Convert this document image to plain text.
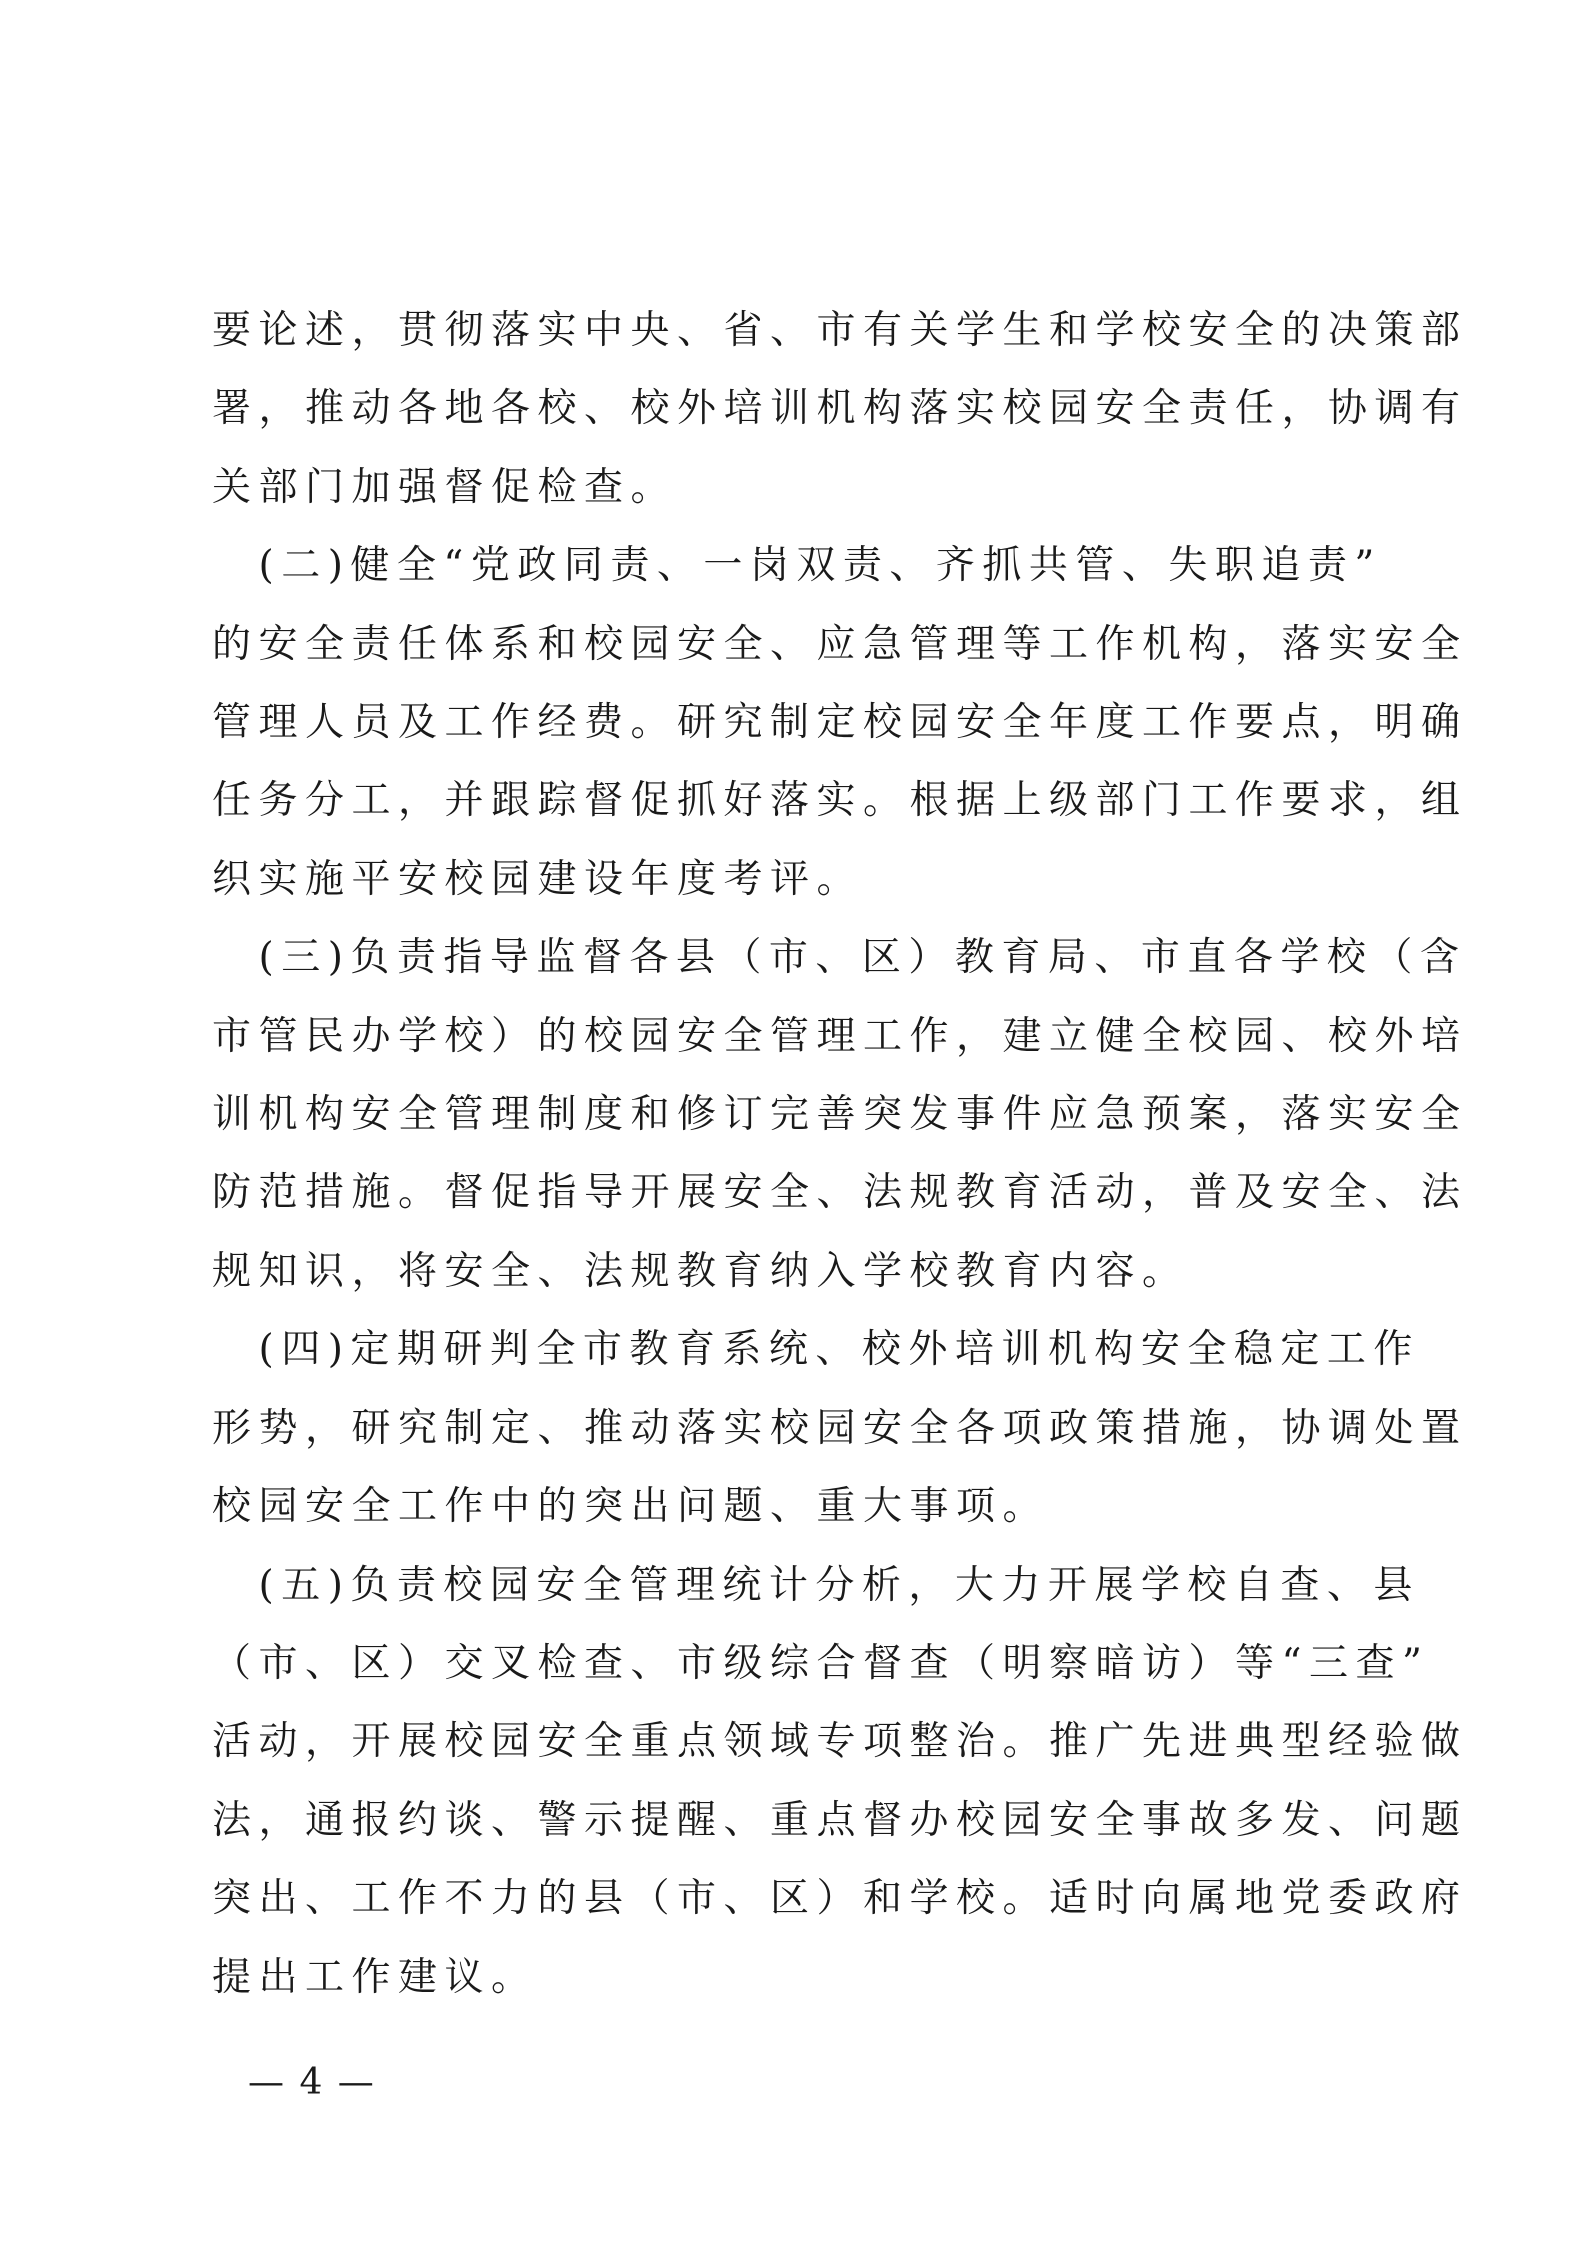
要论述，贯彻落实中央、省、市有关学生和学校安全的决策部
署，推动各地各校、校外培训机构落实校园安全责任，协调有
关部门加强督促检查。

　(二)健全“党政同责、一岗双责、齐抓共管、失职追责”
的安全责任体系和校园安全、应急管理等工作机构，落实安全
管理人员及工作经费。研究制定校园安全年度工作要点，明确
任务分工，并跟踪督促抓好落实。根据上级部门工作要求，组
织实施平安校园建设年度考评。

　(三)负责指导监督各县（市、区）教育局、市直各学校（含
市管民办学校）的校园安全管理工作，建立健全校园、校外培
训机构安全管理制度和修订完善突发事件应急预案，落实安全
防范措施。督促指导开展安全、法规教育活动，普及安全、法
规知识，将安全、法规教育纳入学校教育内容。

　(四)定期研判全市教育系统、校外培训机构安全稳定工作
形势，研究制定、推动落实校园安全各项政策措施，协调处置
校园安全工作中的突出问题、重大事项。

　(五)负责校园安全管理统计分析，大力开展学校自查、县
（市、区）交叉检查、市级综合督查（明察暗访）等“三查”
活动，开展校园安全重点领域专项整治。推广先进典型经验做
法，通报约谈、警示提醒、重点督办校园安全事故多发、问题
突出、工作不力的县（市、区）和学校。适时向属地党委政府
提出工作建议。

— 4 —
